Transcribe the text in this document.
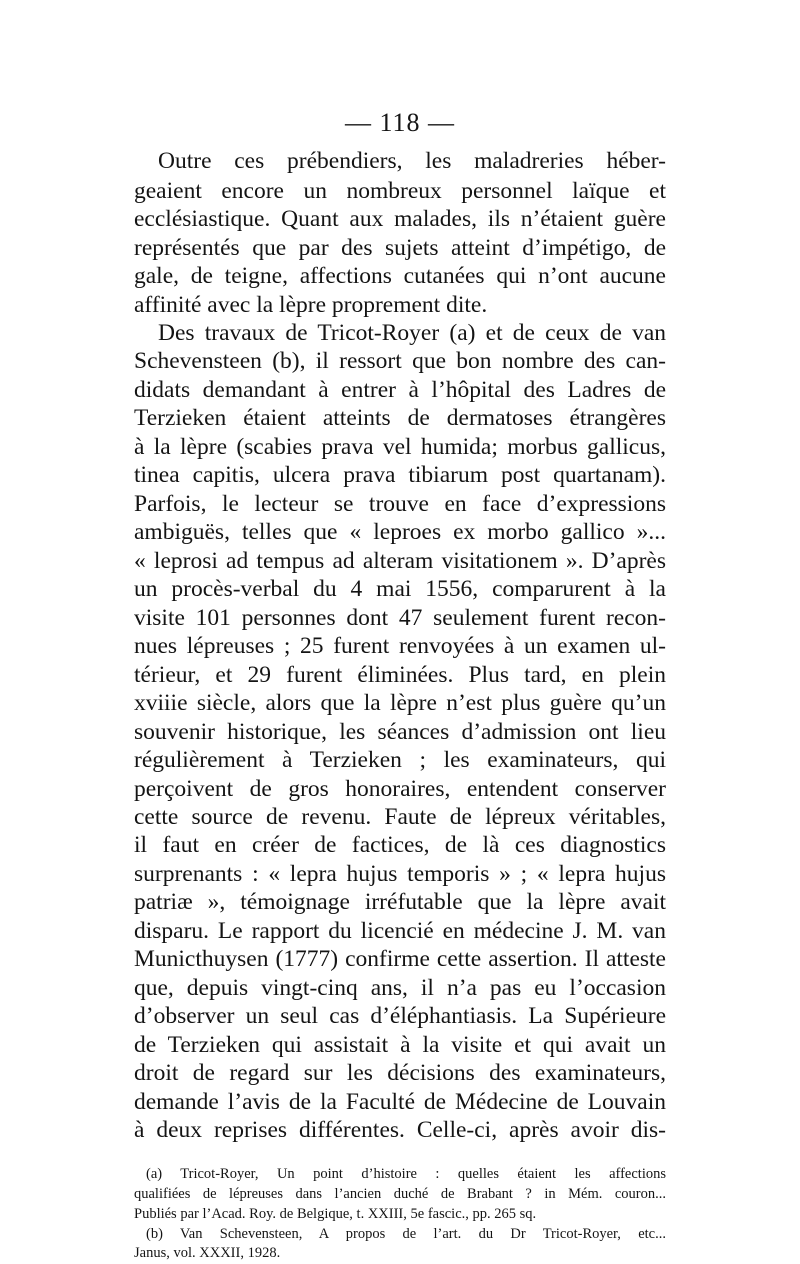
— 118 —
Outre ces prébendiers, les maladreries héber-
geaient encore un nombreux personnel laïque et
ecclésiastique. Quant aux malades, ils n’étaient guère
représentés que par des sujets atteint d’impétigo, de
gale, de teigne, affections cutanées qui n’ont aucune
affinité avec la lèpre proprement dite.
Des travaux de Tricot-Royer (a) et de ceux de van
Schevensteen (b), il ressort que bon nombre des can-
didats demandant à entrer à l’hôpital des Ladres de
Terzieken étaient atteints de dermatoses étrangères
à la lèpre (scabies prava vel humida; morbus gallicus,
tinea capitis, ulcera prava tibiarum post quartanam).
Parfois, le lecteur se trouve en face d’expressions
ambiguës, telles que « leproes ex morbo gallico »...
« leprosi ad tempus ad alteram visitationem ». D’après
un procès-verbal du 4 mai 1556, comparurent à la
visite 101 personnes dont 47 seulement furent recon-
nues lépreuses ; 25 furent renvoyées à un examen ul-
térieur, et 29 furent éliminées. Plus tard, en plein
xviiie siècle, alors que la lèpre n’est plus guère qu’un
souvenir historique, les séances d’admission ont lieu
régulièrement à Terzieken ; les examinateurs, qui
perçoivent de gros honoraires, entendent conserver
cette source de revenu. Faute de lépreux véritables,
il faut en créer de factices, de là ces diagnostics
surprenants : « lepra hujus temporis » ; « lepra hujus
patriæ », témoignage irréfutable que la lèpre avait
disparu. Le rapport du licencié en médecine J. M. van
Municthuysen (1777) confirme cette assertion. Il atteste
que, depuis vingt-cinq ans, il n’a pas eu l’occasion
d’observer un seul cas d’éléphantiasis. La Supérieure
de Terzieken qui assistait à la visite et qui avait un
droit de regard sur les décisions des examinateurs,
demande l’avis de la Faculté de Médecine de Louvain
à deux reprises différentes. Celle-ci, après avoir dis-
(a) Tricot-Royer, Un point d’histoire : quelles étaient les affections
qualifiées de lépreuses dans l’ancien duché de Brabant ? in Mém. couron...
Publiés par l’Acad. Roy. de Belgique, t. XXIII, 5e fascic., pp. 265 sq.
(b) Van Schevensteen, A propos de l’art. du Dr Tricot-Royer, etc...
Janus, vol. XXXII, 1928.
